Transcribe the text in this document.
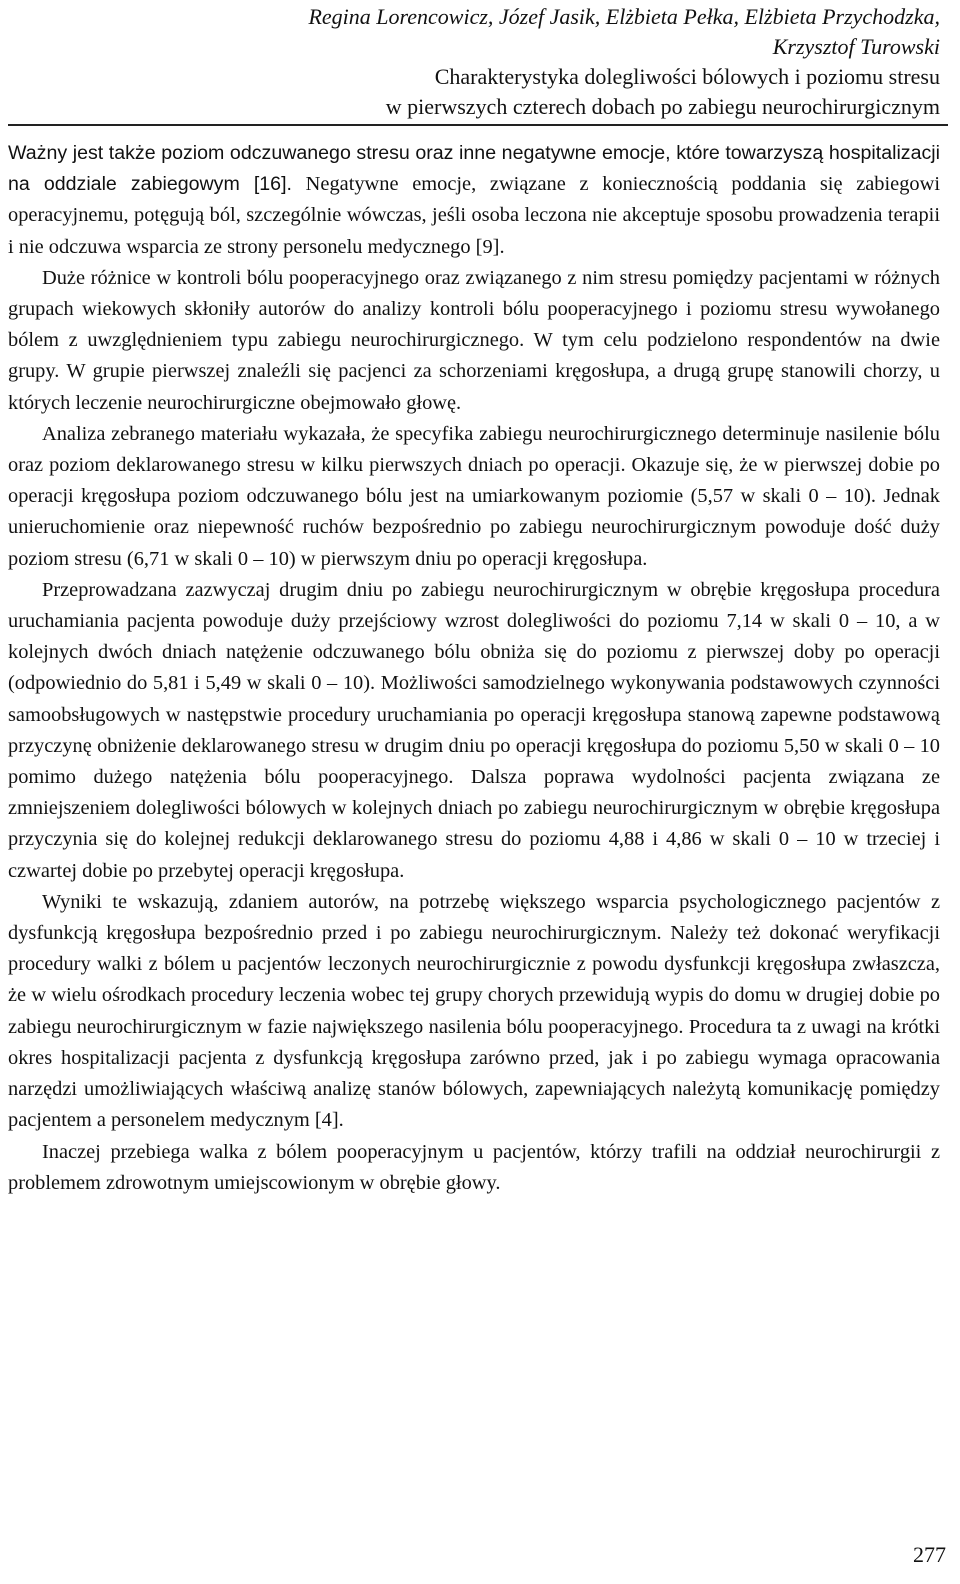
Regina Lorencowicz, Józef Jasik, Elżbieta Pełka, Elżbieta Przychodzka,
Krzysztof Turowski
Charakterystyka dolegliwości bólowych i poziomu stresu
w pierwszych czterech dobach po zabiegu neurochirurgicznym

Ważny jest także poziom odczuwanego stresu oraz inne negatywne emocje, które towarzyszą hospitalizacji na oddziale zabiegowym [16]. Negatywne emocje, związane z koniecznością poddania się zabiegowi operacyjnemu, potęgują ból, szczególnie wówczas, jeśli osoba leczona nie akceptuje sposobu prowadzenia terapii i nie odczuwa wsparcia ze strony personelu medycznego [9].

Duże różnice w kontroli bólu pooperacyjnego oraz związanego z nim stresu pomiędzy pacjentami w różnych grupach wiekowych skłoniły autorów do analizy kontroli bólu pooperacyjnego i poziomu stresu wywołanego bólem z uwzględnieniem typu zabiegu neurochirurgicznego. W tym celu podzielono respondentów na dwie grupy. W grupie pierwszej znaleźli się pacjenci za schorzeniami kręgosłupa, a drugą grupę stanowili chorzy, u których leczenie neurochirurgiczne obejmowało głowę.

Analiza zebranego materiału wykazała, że specyfika zabiegu neurochirurgicznego determinuje nasilenie bólu oraz poziom deklarowanego stresu w kilku pierwszych dniach po operacji. Okazuje się, że w pierwszej dobie po operacji kręgosłupa poziom odczuwanego bólu jest na umiarkowanym poziomie (5,57 w skali 0 – 10). Jednak unieruchomienie oraz niepewność ruchów bezpośrednio po zabiegu neurochirurgicznym powoduje dość duży poziom stresu (6,71 w skali 0 – 10) w pierwszym dniu po operacji kręgosłupa.

Przeprowadzana zazwyczaj drugim dniu po zabiegu neurochirurgicznym w obrębie kręgosłupa procedura uruchamiania pacjenta powoduje duży przejściowy wzrost dolegliwości do poziomu 7,14 w skali 0 – 10, a w kolejnych dwóch dniach natężenie odczuwanego bólu obniża się do poziomu z pierwszej doby po operacji (odpowiednio do 5,81 i 5,49 w skali 0 – 10). Możliwości samodzielnego wykonywania podstawowych czynności samoobsługowych w następstwie procedury uruchamiania po operacji kręgosłupa stanową zapewne podstawową przyczynę obniżenie deklarowanego stresu w drugim dniu po operacji kręgosłupa do poziomu 5,50 w skali 0 – 10 pomimo dużego natężenia bólu pooperacyjnego. Dalsza poprawa wydolności pacjenta związana ze zmniejszeniem dolegliwości bólowych w kolejnych dniach po zabiegu neurochirurgicznym w obrębie kręgosłupa przyczynia się do kolejnej redukcji deklarowanego stresu do poziomu 4,88 i 4,86 w skali 0 – 10 w trzeciej i czwartej dobie po przebytej operacji kręgosłupa.

Wyniki te wskazują, zdaniem autorów, na potrzebę większego wsparcia psychologicznego pacjentów z dysfunkcją kręgosłupa bezpośrednio przed i po zabiegu neurochirurgicznym. Należy też dokonać weryfikacji procedury walki z bólem u pacjentów leczonych neurochirurgicznie z powodu dysfunkcji kręgosłupa zwłaszcza, że w wielu ośrodkach procedury leczenia wobec tej grupy chorych przewidują wypis do domu w drugiej dobie po zabiegu neurochirurgicznym w fazie największego nasilenia bólu pooperacyjnego. Procedura ta z uwagi na krótki okres hospitalizacji pacjenta z dysfunkcją kręgosłupa zarówno przed, jak i po zabiegu wymaga opracowania narzędzi umożliwiających właściwą analizę stanów bólowych, zapewniających należytą komunikację pomiędzy pacjentem a personelem medycznym [4].

Inaczej przebiega walka z bólem pooperacyjnym u pacjentów, którzy trafili na oddział neurochirurgii z problemem zdrowotnym umiejscowionym w obrębie głowy.

277
